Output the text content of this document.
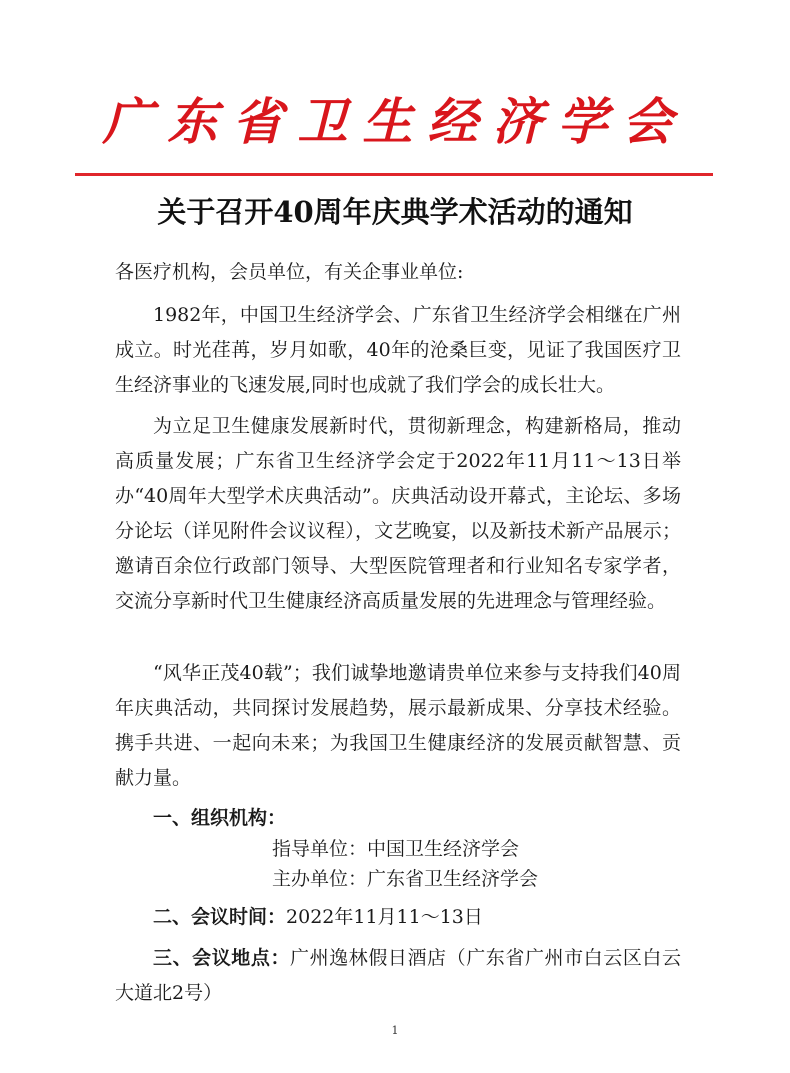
广东省卫生经济学会
关于召开40周年庆典学术活动的通知

各医疗机构，会员单位，有关企事业单位:

1982年，中国卫生经济学会、广东省卫生经济学会相继在广州成立。时光荏苒，岁月如歌，40年的沧桑巨变，见证了我国医疗卫生经济事业的飞速发展,同时也成就了我们学会的成长壮大。

为立足卫生健康发展新时代，贯彻新理念，构建新格局，推动高质量发展；广东省卫生经济学会定于2022年11月11～13日举办“40周年大型学术庆典活动”。庆典活动设开幕式，主论坛、多场分论坛（详见附件会议议程），文艺晚宴，以及新技术新产品展示；邀请百余位行政部门领导、大型医院管理者和行业知名专家学者，交流分享新时代卫生健康经济高质量发展的先进理念与管理经验。

“风华正茂40载”；我们诚挚地邀请贵单位来参与支持我们40周年庆典活动，共同探讨发展趋势，展示最新成果、分享技术经验。携手共进、一起向未来；为我国卫生健康经济的发展贡献智慧、贡献力量。

一、组织机构：

指导单位：中国卫生经济学会
主办单位：广东省卫生经济学会

二、会议时间：2022年11月11～13日

三、会议地点：广州逸林假日酒店（广东省广州市白云区白云大道北2号）

1
